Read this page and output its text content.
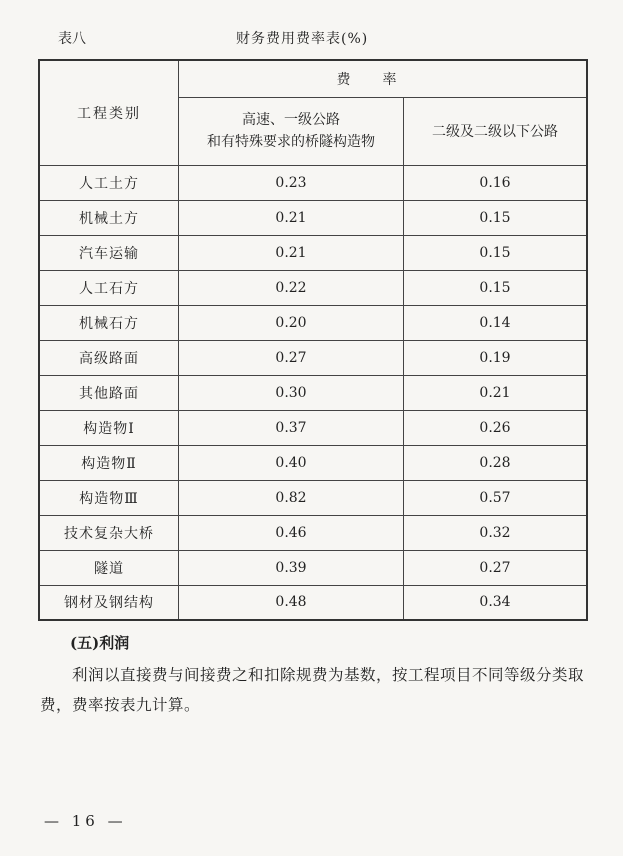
表八	财务费用费率表(%)
工程类别	费率	

	高速、一级公路
和有特殊要求的桥隧构造物	二级及二级以下公路
人工土方	0.23	0.16
机械土方	0.21	0.15
汽车运输	0.21	0.15
人工石方	0.22	0.15
机械石方	0.20	0.14
高级路面	0.27	0.19
其他路面	0.30	0.21
构造物Ⅰ	0.37	0.26
构造物Ⅱ	0.40	0.28
构造物Ⅲ	0.82	0.57
技术复杂大桥	0.46	0.32
隧道	0.39	0.27
钢材及钢结构	0.48	0.34
(五)利润
利润以直接费与间接费之和扣除规费为基数，按工程项目不同等级分类取费，费率按表九计算。
— 16 —
